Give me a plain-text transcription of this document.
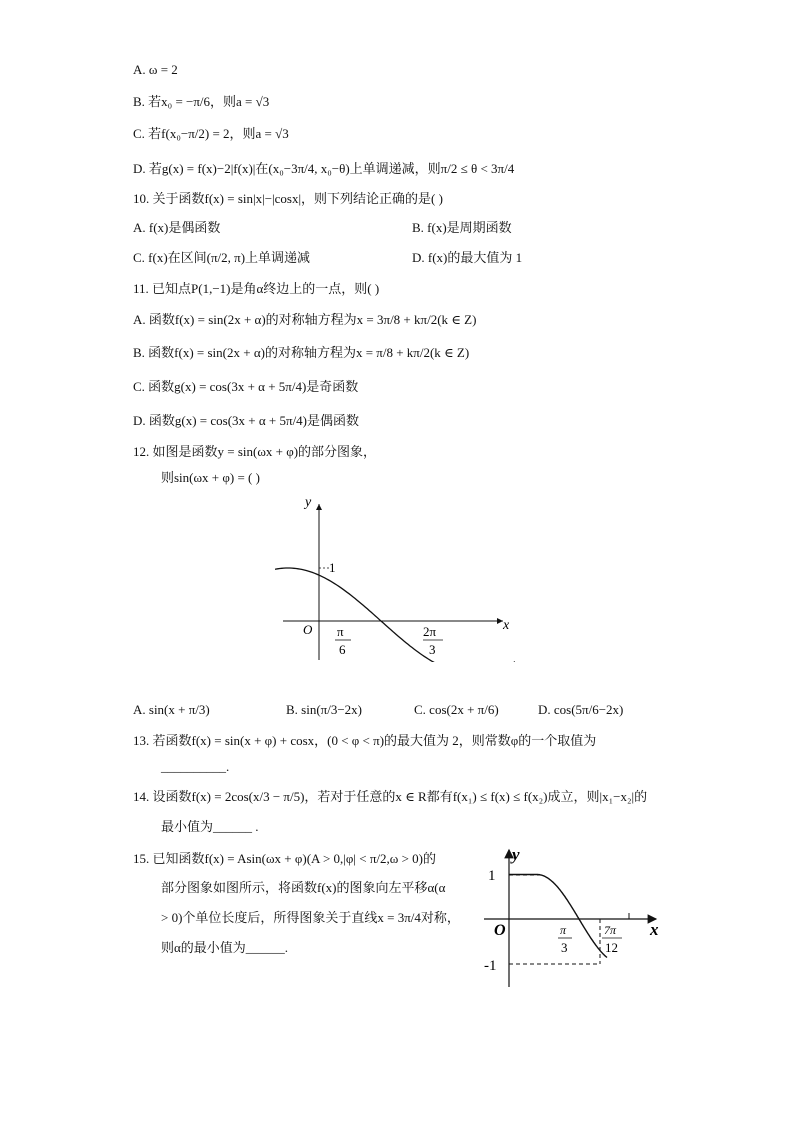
A. ω = 2
B. 若x₀ = −π/6，则a = √3
C. 若f(x₀−π/2) = 2，则a = √3
D. 若g(x) = f(x)−2|f(x)|在(x₀−3π/4, x₀−θ)上单调递减，则π/2 ≤ θ < 3π/4
10. 关于函数f(x) = sin|x|−|cosx|，则下列结论正确的是( )
A. f(x)是偶函数	B. f(x)是周期函数
C. f(x)在区间(π/2, π)上单调递减	D. f(x)的最大值为 1
11. 已知点P(1,−1)是角α终边上的一点，则( )
A. 函数f(x) = sin(2x + α)的对称轴方程为x = 3π/8 + kπ/2(k ∈ Z)
B. 函数f(x) = sin(2x + α)的对称轴方程为x = π/8 + kπ/2(k ∈ Z)
C. 函数g(x) = cos(3x + α + 5π/4)是奇函数
D. 函数g(x) = cos(3x + α + 5π/4)是偶函数
12. 如图是函数y = sin(ωx + φ)的部分图象，
则sin(ωx + φ) = ( )
y
x
O
1
π
6
2π
3
A. sin(x + π/3)	B. sin(π/3−2x)	C. cos(2x + π/6)	D. cos(5π/6−2x)
13. 若函数f(x) = sin(x + φ) + cosx，(0 < φ < π)的最大值为 2，则常数φ的一个取值为
__________.
14. 设函数f(x) = 2cos(x/3 − π/5)，若对于任意的x ∈ R都有f(x₁) ≤ f(x) ≤ f(x₂)成立，则|x₁−x₂|的
最小值为______ .
15. 已知函数f(x) = Asin(ωx + φ)(A > 0,|φ| < π/2,ω > 0)的
部分图象如图所示，将函数f(x)的图象向左平移α(α
> 0)个单位长度后，所得图象关于直线x = 3π/4对称，
则α的最小值为______.
y
x
O
1
-1
π
3
7π
12
